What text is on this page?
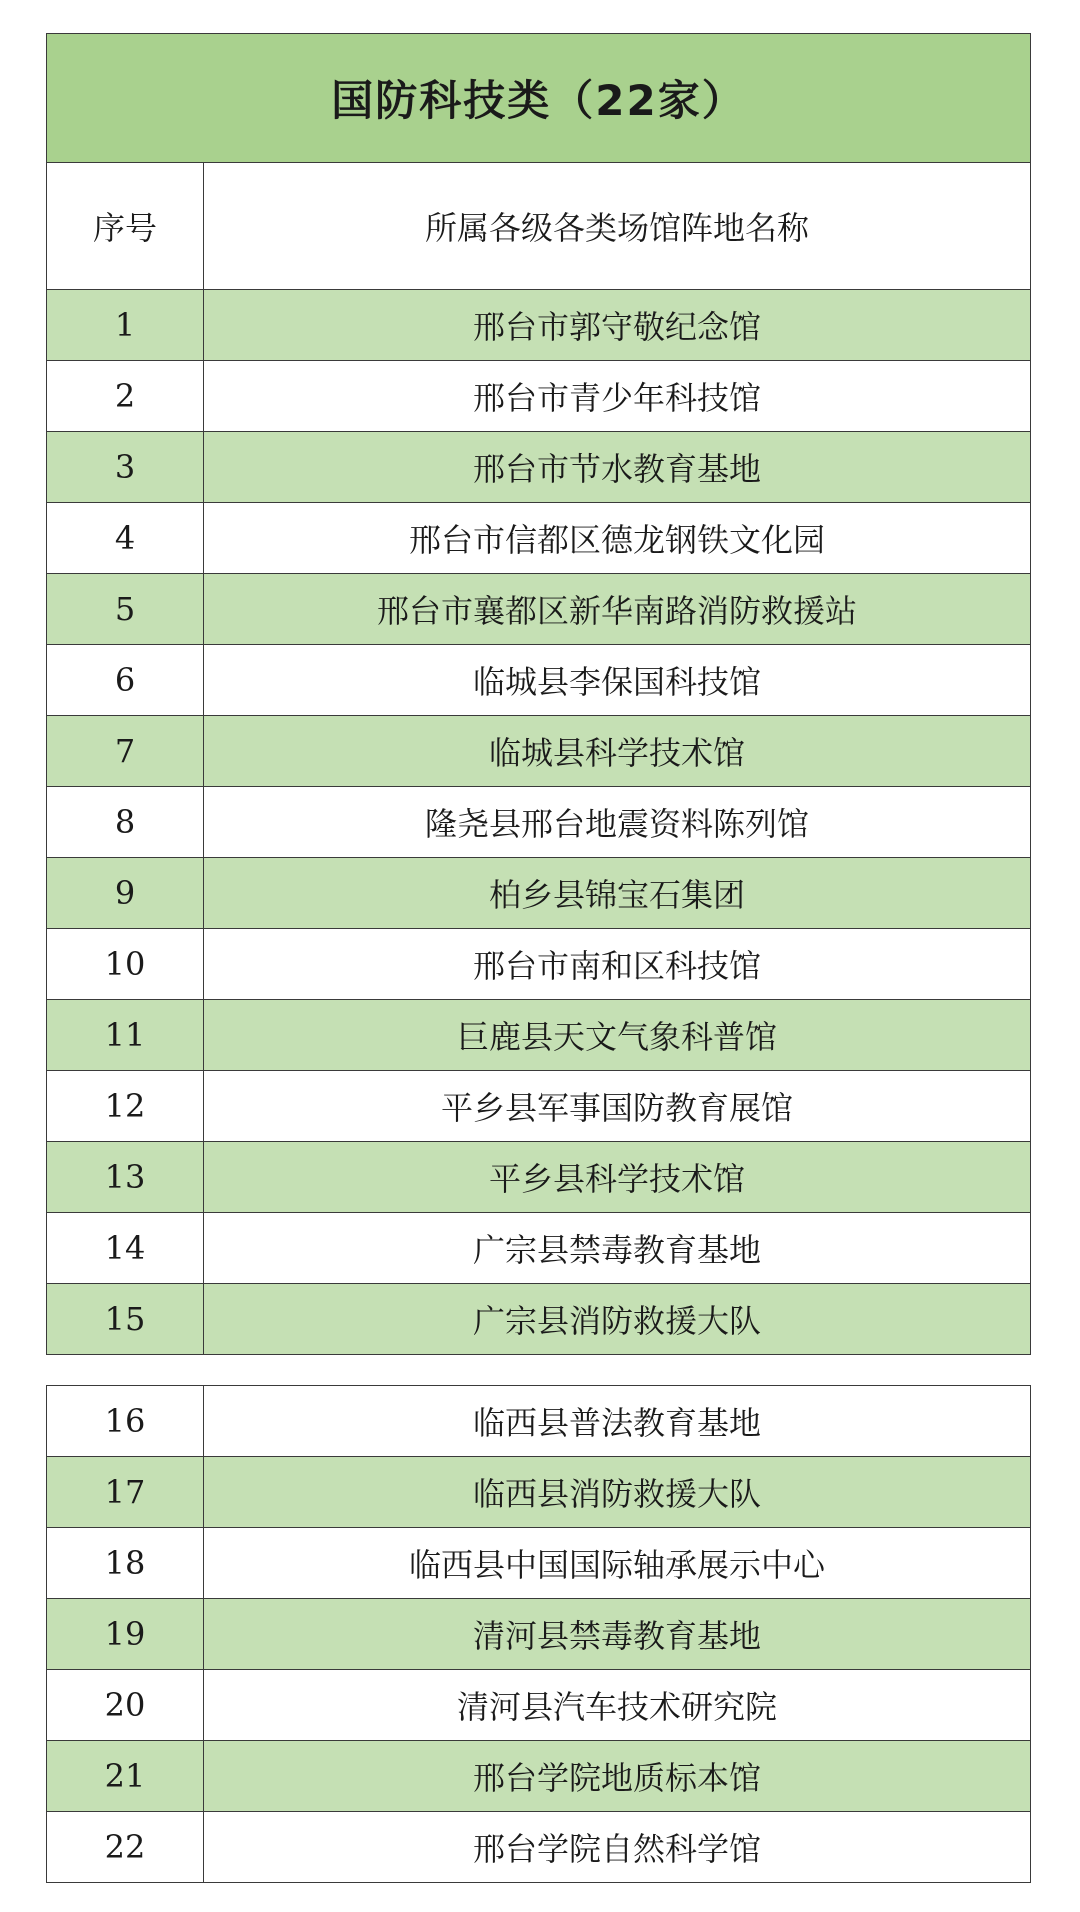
国防科技类（22家）	
序号	所属各级各类场馆阵地名称
1	邢台市郭守敬纪念馆
2	邢台市青少年科技馆
3	邢台市节水教育基地
4	邢台市信都区德龙钢铁文化园
5	邢台市襄都区新华南路消防救援站
6	临城县李保国科技馆
7	临城县科学技术馆
8	隆尧县邢台地震资料陈列馆
9	柏乡县锦宝石集团
10	邢台市南和区科技馆
11	巨鹿县天文气象科普馆
12	平乡县军事国防教育展馆
13	平乡县科学技术馆
14	广宗县禁毒教育基地
15	广宗县消防救援大队
16	临西县普法教育基地
17	临西县消防救援大队
18	临西县中国国际轴承展示中心
19	清河县禁毒教育基地
20	清河县汽车技术研究院
21	邢台学院地质标本馆
22	邢台学院自然科学馆
